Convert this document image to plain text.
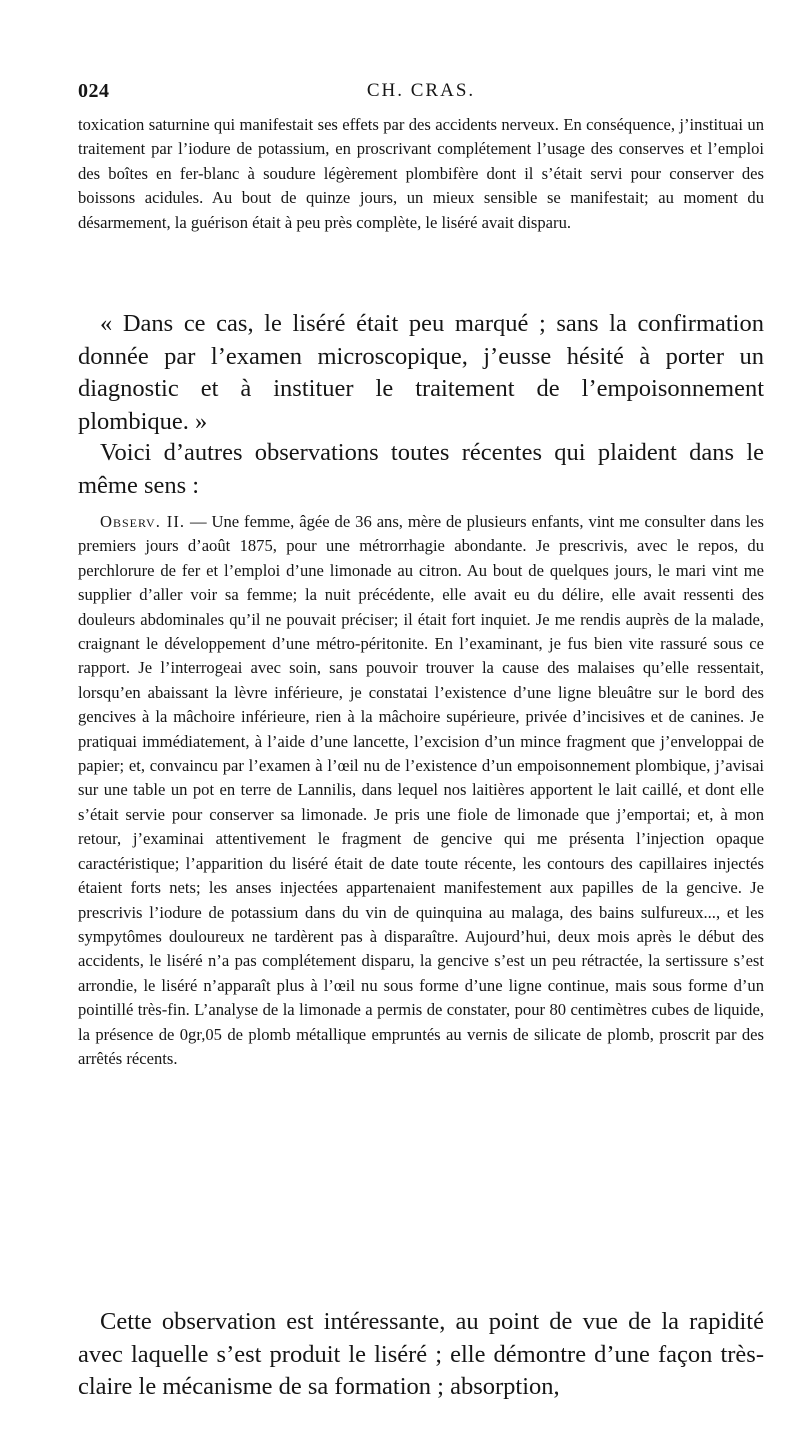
024	CH. CRAS.

toxication saturnine qui manifestait ses effets par des accidents nerveux. En conséquence, j’instituai un traitement par l’iodure de potassium, en proscrivant complétement l’usage des conserves et l’emploi des boîtes en fer-blanc à soudure légèrement plombifère dont il s’était servi pour conserver des boissons acidules. Au bout de quinze jours, un mieux sensible se manifestait; au moment du désarmement, la guérison était à peu près complète, le liséré avait disparu.

« Dans ce cas, le liséré était peu marqué ; sans la confirmation donnée par l’examen microscopique, j’eusse hésité à porter un diagnostic et à instituer le traitement de l’empoisonnement plombique. »

Voici d’autres observations toutes récentes qui plaident dans le même sens :

Observ. II. — Une femme, âgée de 36 ans, mère de plusieurs enfants, vint me consulter dans les premiers jours d’août 1875, pour une métrorrhagie abondante. Je prescrivis, avec le repos, du perchlorure de fer et l’emploi d’une limonade au citron. Au bout de quelques jours, le mari vint me supplier d’aller voir sa femme; la nuit précédente, elle avait eu du délire, elle avait ressenti des douleurs abdominales qu’il ne pouvait préciser; il était fort inquiet. Je me rendis auprès de la malade, craignant le développement d’une métro-péritonite. En l’examinant, je fus bien vite rassuré sous ce rapport. Je l’interrogeai avec soin, sans pouvoir trouver la cause des malaises qu’elle ressentait, lorsqu’en abaissant la lèvre inférieure, je constatai l’existence d’une ligne bleuâtre sur le bord des gencives à la mâchoire inférieure, rien à la mâchoire supérieure, privée d’incisives et de canines. Je pratiquai immédiatement, à l’aide d’une lancette, l’excision d’un mince fragment que j’enveloppai de papier; et, convaincu par l’examen à l’œil nu de l’existence d’un empoisonnement plombique, j’avisai sur une table un pot en terre de Lannilis, dans lequel nos laitières apportent le lait caillé, et dont elle s’était servie pour conserver sa limonade. Je pris une fiole de limonade que j’emportai; et, à mon retour, j’examinai attentivement le fragment de gencive qui me présenta l’injection opaque caractéristique; l’apparition du liséré était de date toute récente, les contours des capillaires injectés étaient forts nets; les anses injectées appartenaient manifestement aux papilles de la gencive. Je prescrivis l’iodure de potassium dans du vin de quinquina au malaga, des bains sulfureux..., et les sympytômes douloureux ne tardèrent pas à disparaître. Aujourd’hui, deux mois après le début des accidents, le liséré n’a pas complétement disparu, la gencive s’est un peu rétractée, la sertissure s’est arrondie, le liséré n’apparaît plus à l’œil nu sous forme d’une ligne continue, mais sous forme d’un pointillé très-fin. L’analyse de la limonade a permis de constater, pour 80 centimètres cubes de liquide, la présence de 0gr,05 de plomb métallique empruntés au vernis de silicate de plomb, proscrit par des arrêtés récents.

Cette observation est intéressante, au point de vue de la rapidité avec laquelle s’est produit le liséré ; elle démontre d’une façon très-claire le mécanisme de sa formation ; absorption,
